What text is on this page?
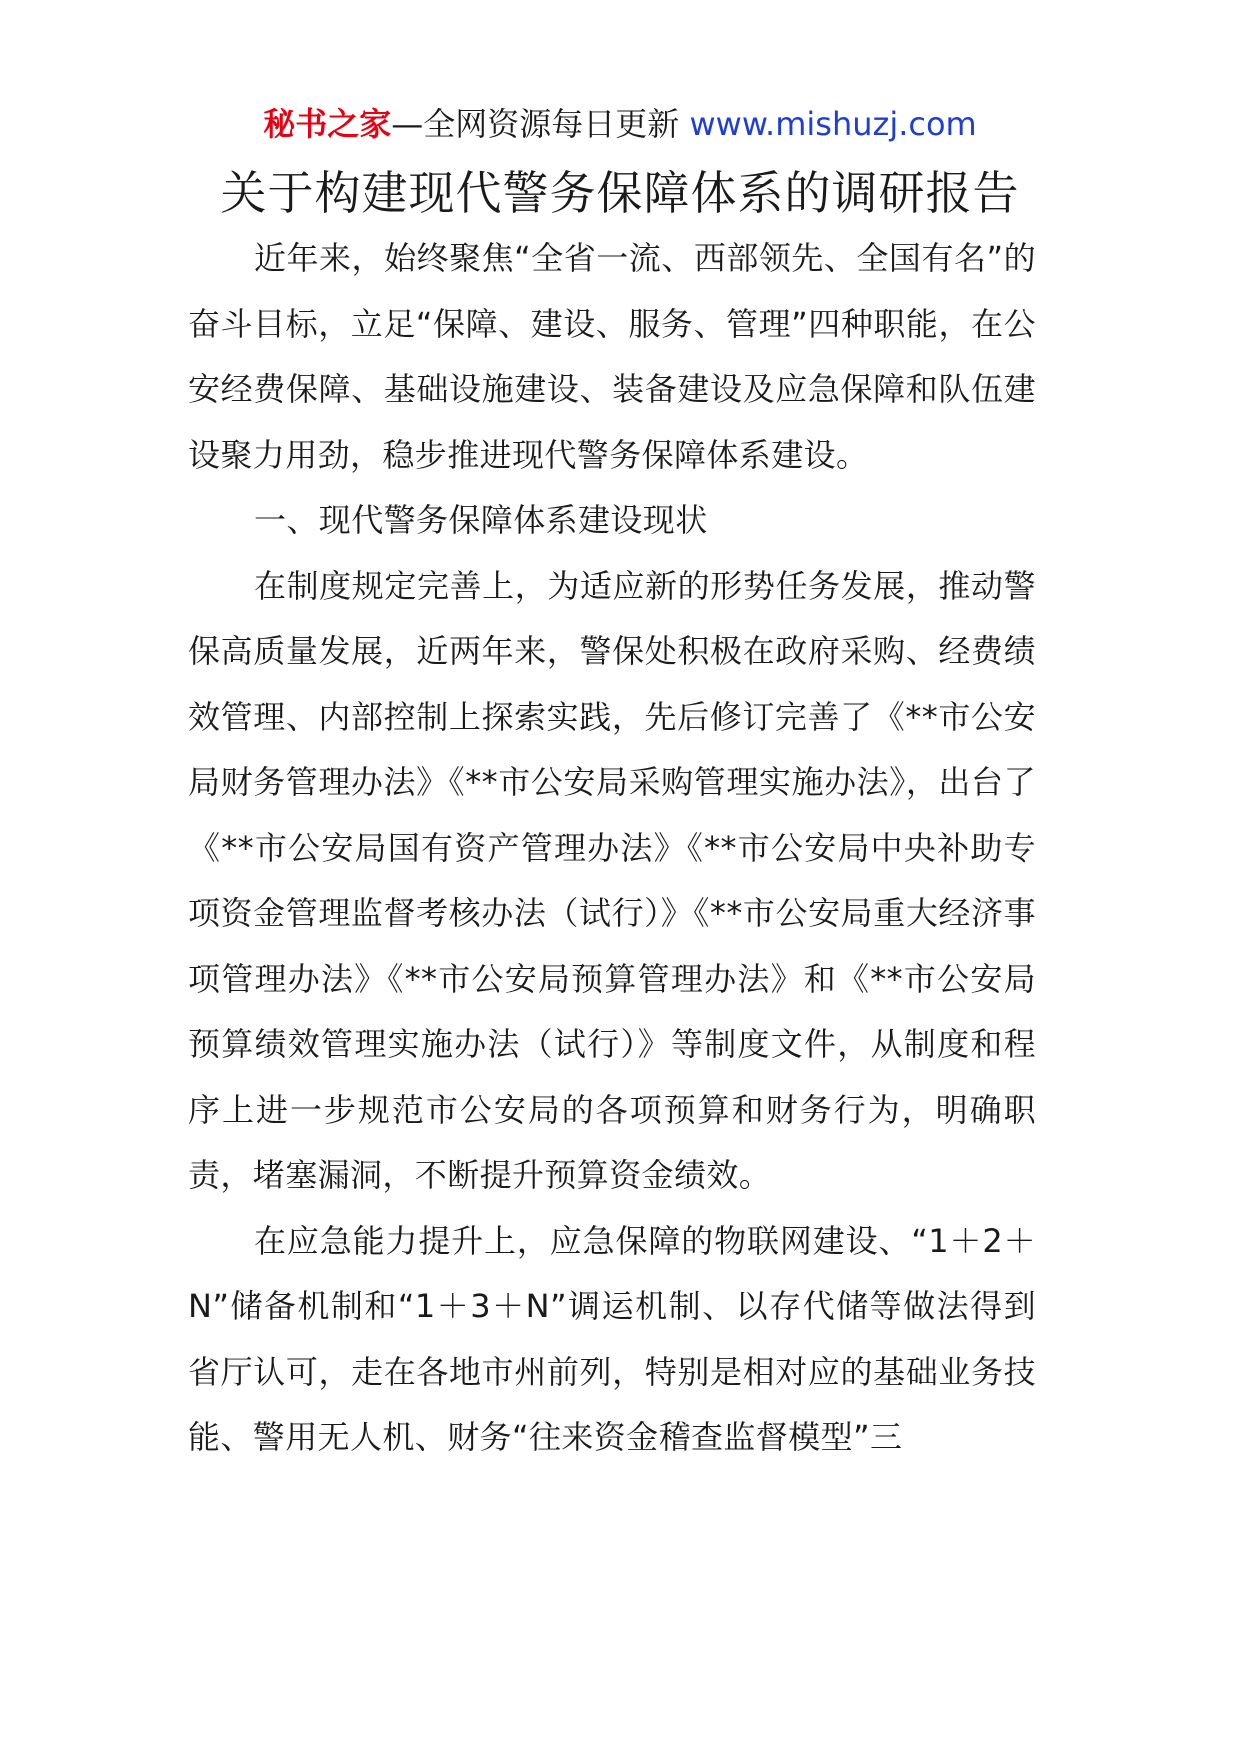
秘书之家—全网资源每日更新 www.mishuzj.com
关于构建现代警务保障体系的调研报告

近年来，始终聚焦“全省一流、西部领先、全国有名”的奋斗目标，立足“保障、建设、服务、管理”四种职能，在公安经费保障、基础设施建设、装备建设及应急保障和队伍建设聚力用劲，稳步推进现代警务保障体系建设。

一、现代警务保障体系建设现状

在制度规定完善上，为适应新的形势任务发展，推动警保高质量发展，近两年来，警保处积极在政府采购、经费绩效管理、内部控制上探索实践，先后修订完善了《**市公安局财务管理办法》《**市公安局采购管理实施办法》，出台了《**市公安局国有资产管理办法》《**市公安局中央补助专项资金管理监督考核办法（试行）》《**市公安局重大经济事项管理办法》《**市公安局预算管理办法》和《**市公安局预算绩效管理实施办法（试行）》等制度文件，从制度和程序上进一步规范市公安局的各项预算和财务行为，明确职责，堵塞漏洞，不断提升预算资金绩效。

在应急能力提升上，应急保障的物联网建设、“1＋2＋N”储备机制和“1＋3＋N”调运机制、以存代储等做法得到省厅认可，走在各地市州前列，特别是相对应的基础业务技能、警用无人机、财务“往来资金稽查监督模型”三
